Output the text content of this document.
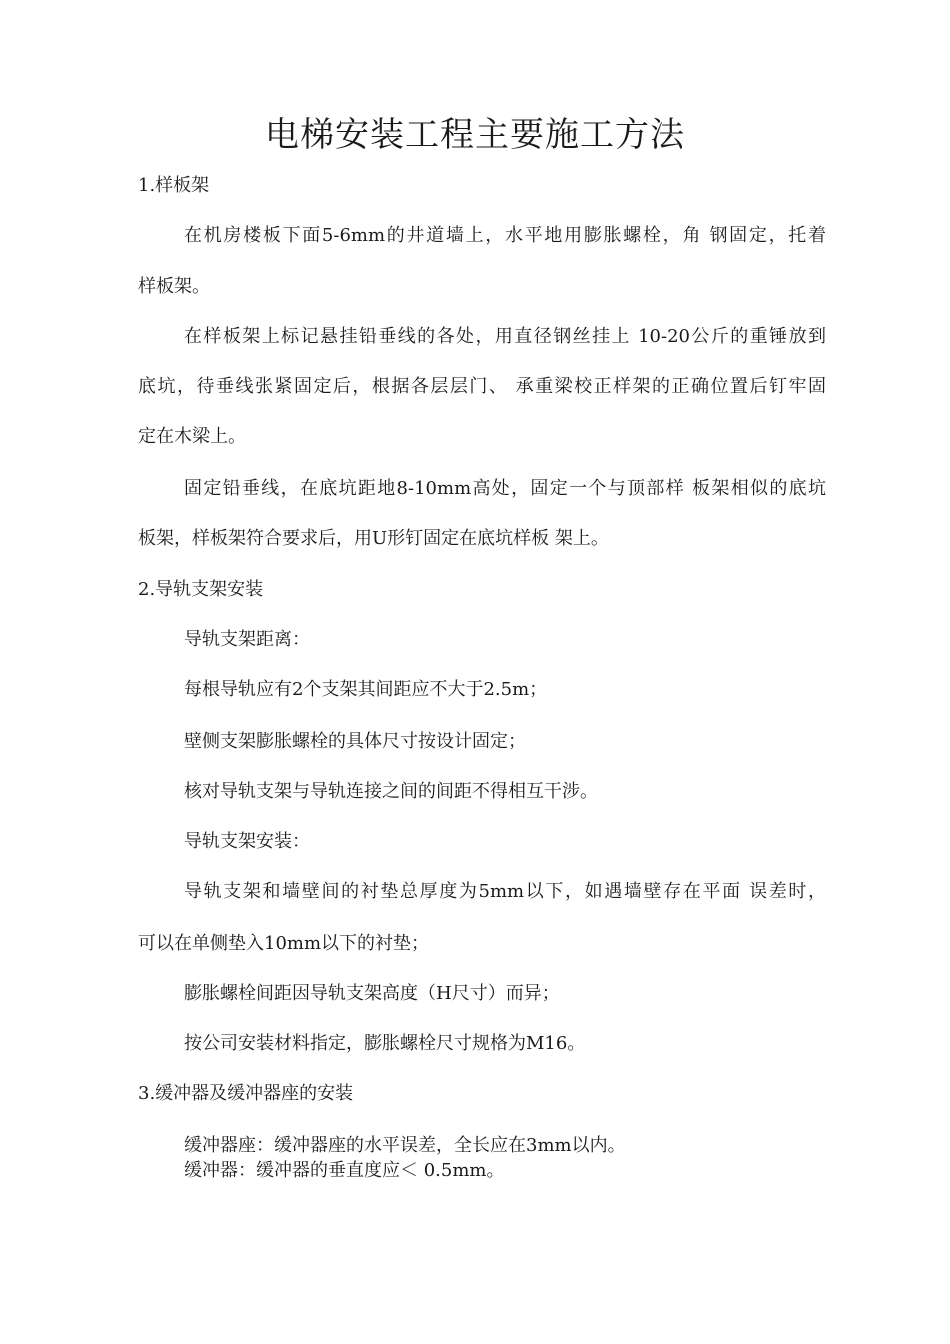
电梯安装工程主要施工方法
1.样板架
在机房楼板下面5-6mm的井道墙上，水平地用膨胀螺栓，角 钢固定，托着
样板架。
在样板架上标记悬挂铅垂线的各处，用直径钢丝挂上 10-20公斤的重锤放到
底坑，待垂线张紧固定后，根据各层层门、 承重梁校正样架的正确位置后钉牢固
定在木梁上。
固定铅垂线，在底坑距地8-10mm高处，固定一个与顶部样 板架相似的底坑
板架，样板架符合要求后，用U形钉固定在底坑样板 架上。
2.导轨支架安装
导轨支架距离：
每根导轨应有2个支架其间距应不大于2.5m；
壁侧支架膨胀螺栓的具体尺寸按设计固定；
核对导轨支架与导轨连接之间的间距不得相互干涉。
导轨支架安装：
导轨支架和墙壁间的衬垫总厚度为5mm以下，如遇墙壁存在平面 误差时，
可以在单侧垫入10mm以下的衬垫；
膨胀螺栓间距因导轨支架高度（H尺寸）而异；
按公司安装材料指定，膨胀螺栓尺寸规格为M16。
3.缓冲器及缓冲器座的安装
缓冲器座：缓冲器座的水平误差，全长应在3mm以内。
缓冲器：缓冲器的垂直度应＜ 0.5mm。
